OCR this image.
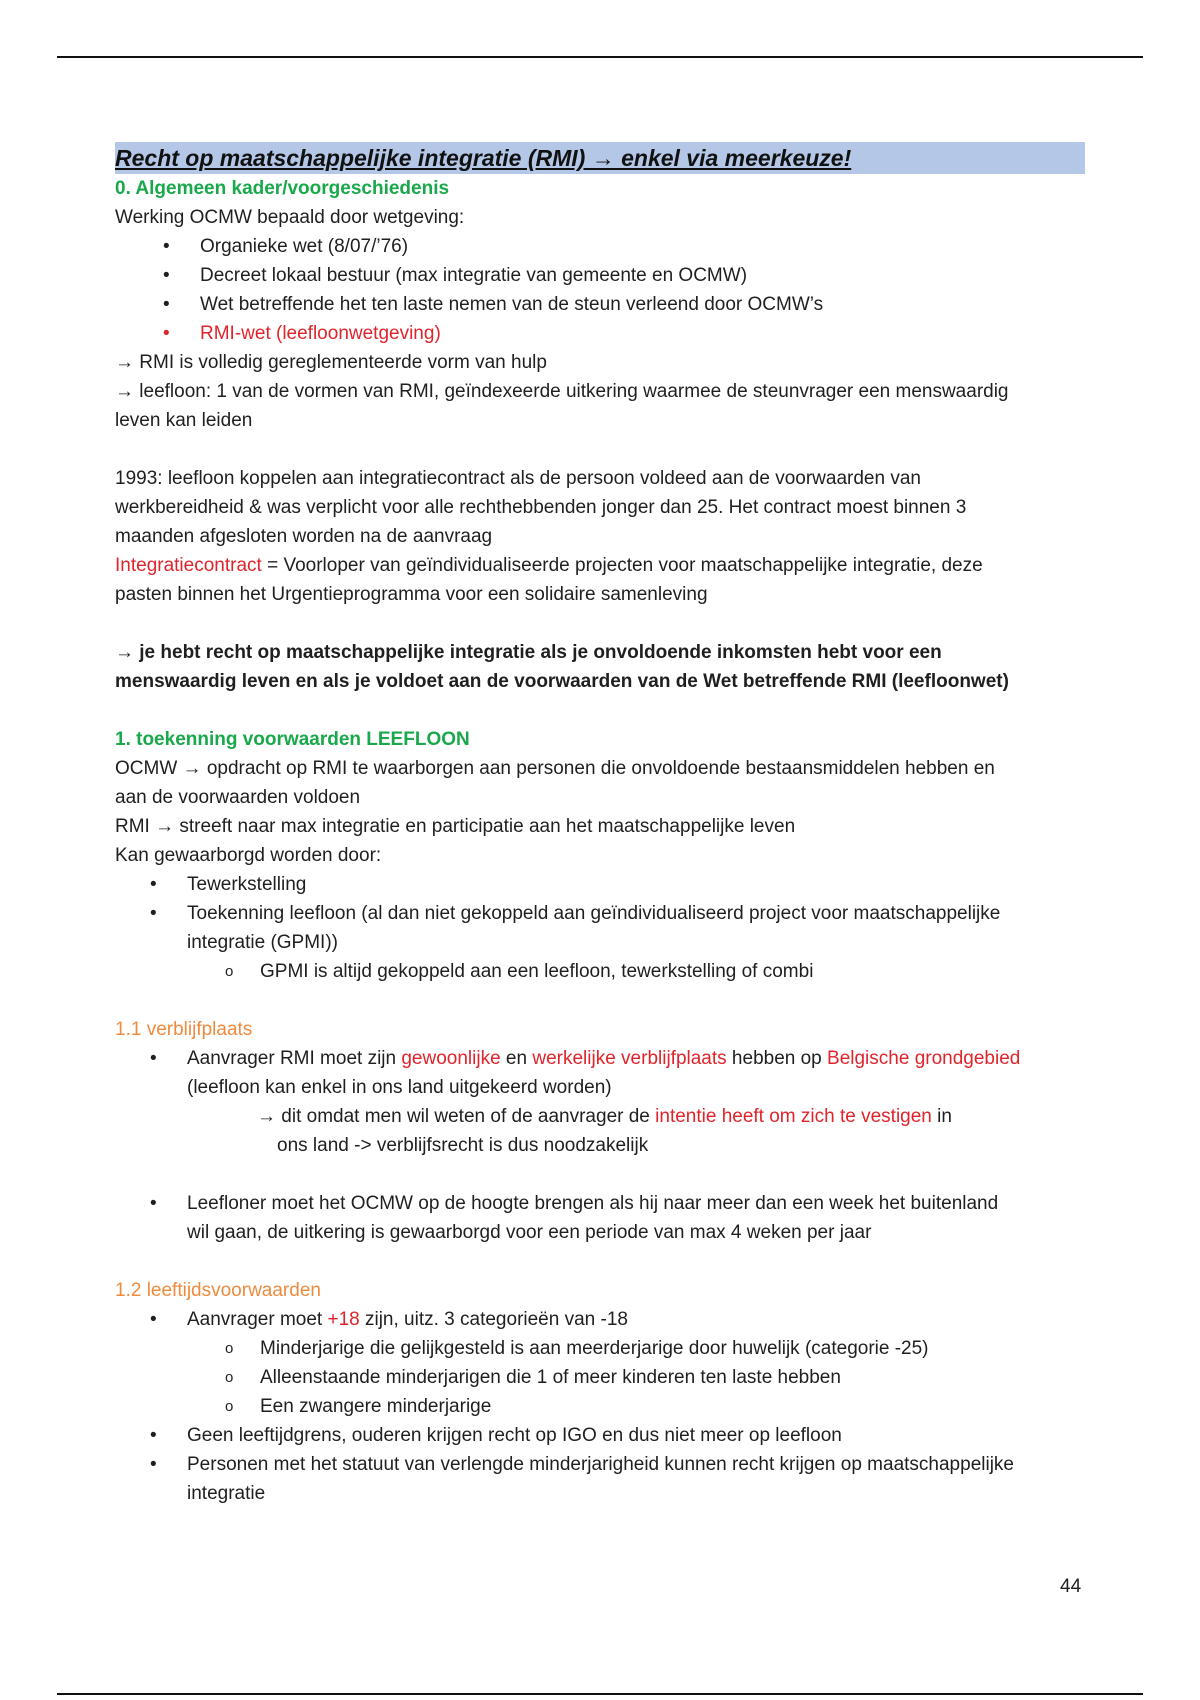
Recht op maatschappelijke integratie (RMI) → enkel via meerkeuze!
0. Algemeen kader/voorgeschiedenis
Werking OCMW bepaald door wetgeving:
• Organieke wet (8/07/’76)
• Decreet lokaal bestuur (max integratie van gemeente en OCMW)
• Wet betreffende het ten laste nemen van de steun verleend door OCMW’s
• RMI-wet (leefloonwetgeving)
→ RMI is volledig gereglementeerde vorm van hulp
→ leefloon: 1 van de vormen van RMI, geïndexeerde uitkering waarmee de steunvrager een menswaardig
leven kan leiden
1993: leefloon koppelen aan integratiecontract als de persoon voldeed aan de voorwaarden van
werkbereidheid & was verplicht voor alle rechthebbenden jonger dan 25. Het contract moest binnen 3
maanden afgesloten worden na de aanvraag
Integratiecontract = Voorloper van geïndividualiseerde projecten voor maatschappelijke integratie, deze
pasten binnen het Urgentieprogramma voor een solidaire samenleving
→ je hebt recht op maatschappelijke integratie als je onvoldoende inkomsten hebt voor een
menswaardig leven en als je voldoet aan de voorwaarden van de Wet betreffende RMI (leefloonwet)
1. toekenning voorwaarden LEEFLOON
OCMW → opdracht op RMI te waarborgen aan personen die onvoldoende bestaansmiddelen hebben en
aan de voorwaarden voldoen
RMI → streeft naar max integratie en participatie aan het maatschappelijke leven
Kan gewaarborgd worden door:
• Tewerkstelling
• Toekenning leefloon (al dan niet gekoppeld aan geïndividualiseerd project voor maatschappelijke
integratie (GPMI))
o GPMI is altijd gekoppeld aan een leefloon, tewerkstelling of combi
1.1 verblijfplaats
• Aanvrager RMI moet zijn gewoonlijke en werkelijke verblijfplaats hebben op Belgische grondgebied
(leefloon kan enkel in ons land uitgekeerd worden)
→ dit omdat men wil weten of de aanvrager de intentie heeft om zich te vestigen in
ons land -> verblijfsrecht is dus noodzakelijk
• Leefloner moet het OCMW op de hoogte brengen als hij naar meer dan een week het buitenland
wil gaan, de uitkering is gewaarborgd voor een periode van max 4 weken per jaar
1.2 leeftijdsvoorwaarden
• Aanvrager moet +18 zijn, uitz. 3 categorieën van -18
o Minderjarige die gelijkgesteld is aan meerderjarige door huwelijk (categorie -25)
o Alleenstaande minderjarigen die 1 of meer kinderen ten laste hebben
o Een zwangere minderjarige
• Geen leeftijdgrens, ouderen krijgen recht op IGO en dus niet meer op leefloon
• Personen met het statuut van verlengde minderjarigheid kunnen recht krijgen op maatschappelijke
integratie
44
